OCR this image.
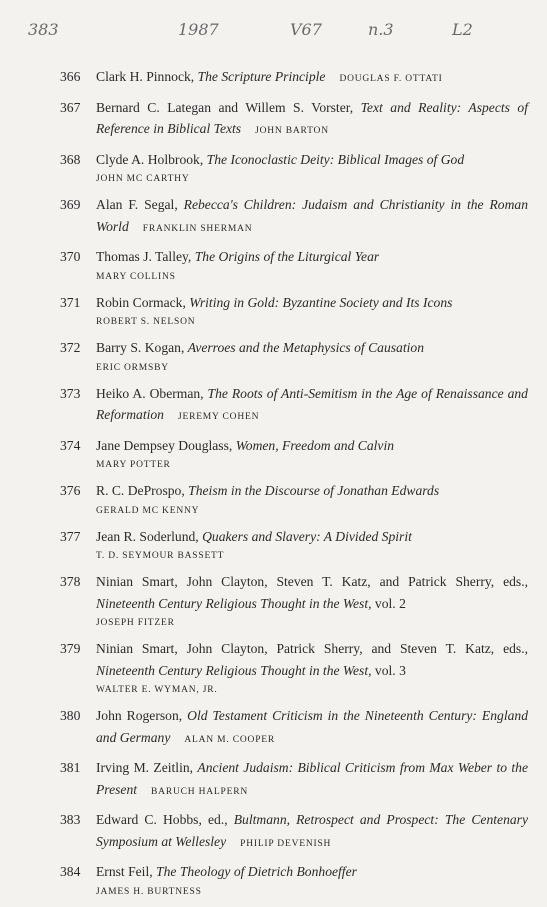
383	1987	V67	n.3	L2
366 Clark H. Pinnock, The Scripture Principle DOUGLAS F. OTTATI
367 Bernard C. Lategan and Willem S. Vorster, Text and Reality: Aspects of Reference in Biblical Texts JOHN BARTON
368 Clyde A. Holbrook, The Iconoclastic Deity: Biblical Images of God
JOHN MC CARTHY
369 Alan F. Segal, Rebecca's Children: Judaism and Christianity in the Roman World FRANKLIN SHERMAN
370 Thomas J. Talley, The Origins of the Liturgical Year
MARY COLLINS
371 Robin Cormack, Writing in Gold: Byzantine Society and Its Icons
ROBERT S. NELSON
372 Barry S. Kogan, Averroes and the Metaphysics of Causation
ERIC ORMSBY
373 Heiko A. Oberman, The Roots of Anti-Semitism in the Age of Renaissance and Reformation JEREMY COHEN
374 Jane Dempsey Douglass, Women, Freedom and Calvin
MARY POTTER
376 R. C. DeProspo, Theism in the Discourse of Jonathan Edwards
GERALD MC KENNY
377 Jean R. Soderlund, Quakers and Slavery: A Divided Spirit
T. D. SEYMOUR BASSETT
378 Ninian Smart, John Clayton, Steven T. Katz, and Patrick Sherry, eds., Nineteenth Century Religious Thought in the West, vol. 2
JOSEPH FITZER
379 Ninian Smart, John Clayton, Patrick Sherry, and Steven T. Katz, eds., Nineteenth Century Religious Thought in the West, vol. 3
WALTER E. WYMAN, JR.
380 John Rogerson, Old Testament Criticism in the Nineteenth Century: England and Germany ALAN M. COOPER
381 Irving M. Zeitlin, Ancient Judaism: Biblical Criticism from Max Weber to the Present BARUCH HALPERN
383 Edward C. Hobbs, ed., Bultmann, Retrospect and Prospect: The Centenary Symposium at Wellesley PHILIP DEVENISH
384 Ernst Feil, The Theology of Dietrich Bonhoeffer
JAMES H. BURTNESS
